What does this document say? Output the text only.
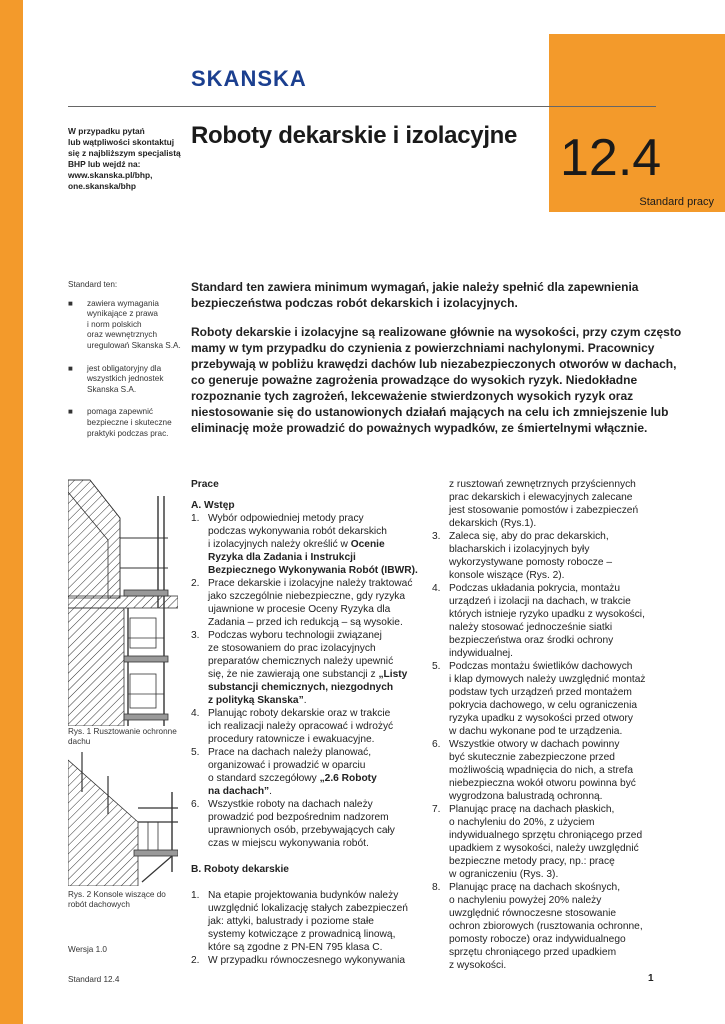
12.4
Standard pracy
SKANSKA
W przypadku pytań
lub wątpliwości skontaktuj
się z najbliższym specjalistą
BHP lub wejdź na:
www.skanska.pl/bhp,
one.skanska/bhp
Roboty dekarskie i izolacyjne
Standard ten:
■ zawiera wymagania
wynikające z prawa
i norm polskich
oraz wewnętrznych
uregulowań Skanska S.A.
■ jest obligatoryjny dla
wszystkich jednostek
Skanska S.A.
■ pomaga zapewnić
bezpieczne i skuteczne
praktyki podczas prac.

Standard ten zawiera minimum wymagań, jakie należy spełnić dla zapewnienia
bezpieczeństwa podczas robót dekarskich i izolacyjnych.

Roboty dekarskie i izolacyjne są realizowane głównie na wysokości, przy czym często
mamy w tym przypadku do czynienia z powierzchniami nachylonymi. Pracownicy
przebywają w pobliżu krawędzi dachów lub niezabezpieczonych otworów w dachach,
co generuje poważne zagrożenia prowadzące do wysokich ryzyk. Niedokładne
rozpoznanie tych zagrożeń, lekceważenie stwierdzonych wysokich ryzyk oraz
niestosowanie się do ustanowionych działań mających na celu ich zmniejszenie lub
eliminację może prowadzić do poważnych wypadków, ze śmiertelnymi włącznie.

Rys. 1 Rusztowanie ochronne
dachu
Rys. 2 Konsole wiszące do
robót dachowych
Wersja 1.0
Standard 12.4	1
Prace
A. Wstęp
1. Wybór odpowiedniej metody pracy
podczas wykonywania robót dekarskich
i izolacyjnych należy określić w Ocenie
Ryzyka dla Zadania i Instrukcji
Bezpiecznego Wykonywania Robót (IBWR).
2. Prace dekarskie i izolacyjne należy traktować
jako szczególnie niebezpieczne, gdy ryzyka
ujawnione w procesie Oceny Ryzyka dla
Zadania – przed ich redukcją – są wysokie.
3. Podczas wyboru technologii związanej
ze stosowaniem do prac izolacyjnych
preparatów chemicznych należy upewnić
się, że nie zawierają one substancji z „Listy
substancji chemicznych, niezgodnych
z polityką Skanska”.
4. Planując roboty dekarskie oraz w trakcie
ich realizacji należy opracować i wdrożyć
procedury ratownicze i ewakuacyjne.
5. Prace na dachach należy planować,
organizować i prowadzić w oparciu
o standard szczegółowy „2.6 Roboty
na dachach”.
6. Wszystkie roboty na dachach należy
prowadzić pod bezpośrednim nadzorem
uprawnionych osób, przebywających cały
czas w miejscu wykonywania robót.
B. Roboty dekarskie
1. Na etapie projektowania budynków należy
uwzględnić lokalizację stałych zabezpieczeń
jak: attyki, balustrady i poziome stałe
systemy kotwiczące z prowadnicą linową,
które są zgodne z PN-EN 795 klasa C.
2. W przypadku równoczesnego wykonywania
z rusztowań zewnętrznych przyściennych
prac dekarskich i elewacyjnych zalecane
jest stosowanie pomostów i zabezpieczeń
dekarskich (Rys.1).
3. Zaleca się, aby do prac dekarskich,
blacharskich i izolacyjnych były
wykorzystywane pomosty robocze –
konsole wiszące (Rys. 2).
4. Podczas układania pokrycia, montażu
urządzeń i izolacji na dachach, w trakcie
których istnieje ryzyko upadku z wysokości,
należy stosować jednocześnie siatki
bezpieczeństwa oraz środki ochrony
indywidualnej.
5. Podczas montażu świetlików dachowych
i klap dymowych należy uwzględnić montaż
podstaw tych urządzeń przed montażem
pokrycia dachowego, w celu ograniczenia
ryzyka upadku z wysokości przed otwory
w dachu wykonane pod te urządzenia.
6. Wszystkie otwory w dachach powinny
być skutecznie zabezpieczone przed
możliwością wpadnięcia do nich, a strefa
niebezpieczna wokół otworu powinna być
wygrodzona balustradą ochronną.
7. Planując pracę na dachach płaskich,
o nachyleniu do 20%, z użyciem
indywidualnego sprzętu chroniącego przed
upadkiem z wysokości, należy uwzględnić
bezpieczne metody pracy, np.: pracę
w ograniczeniu (Rys. 3).
8. Planując pracę na dachach skośnych,
o nachyleniu powyżej 20% należy
uwzględnić równoczesne stosowanie
ochron zbiorowych (rusztowania ochronne,
pomosty robocze) oraz indywidualnego
sprzętu chroniącego przed upadkiem
z wysokości.
